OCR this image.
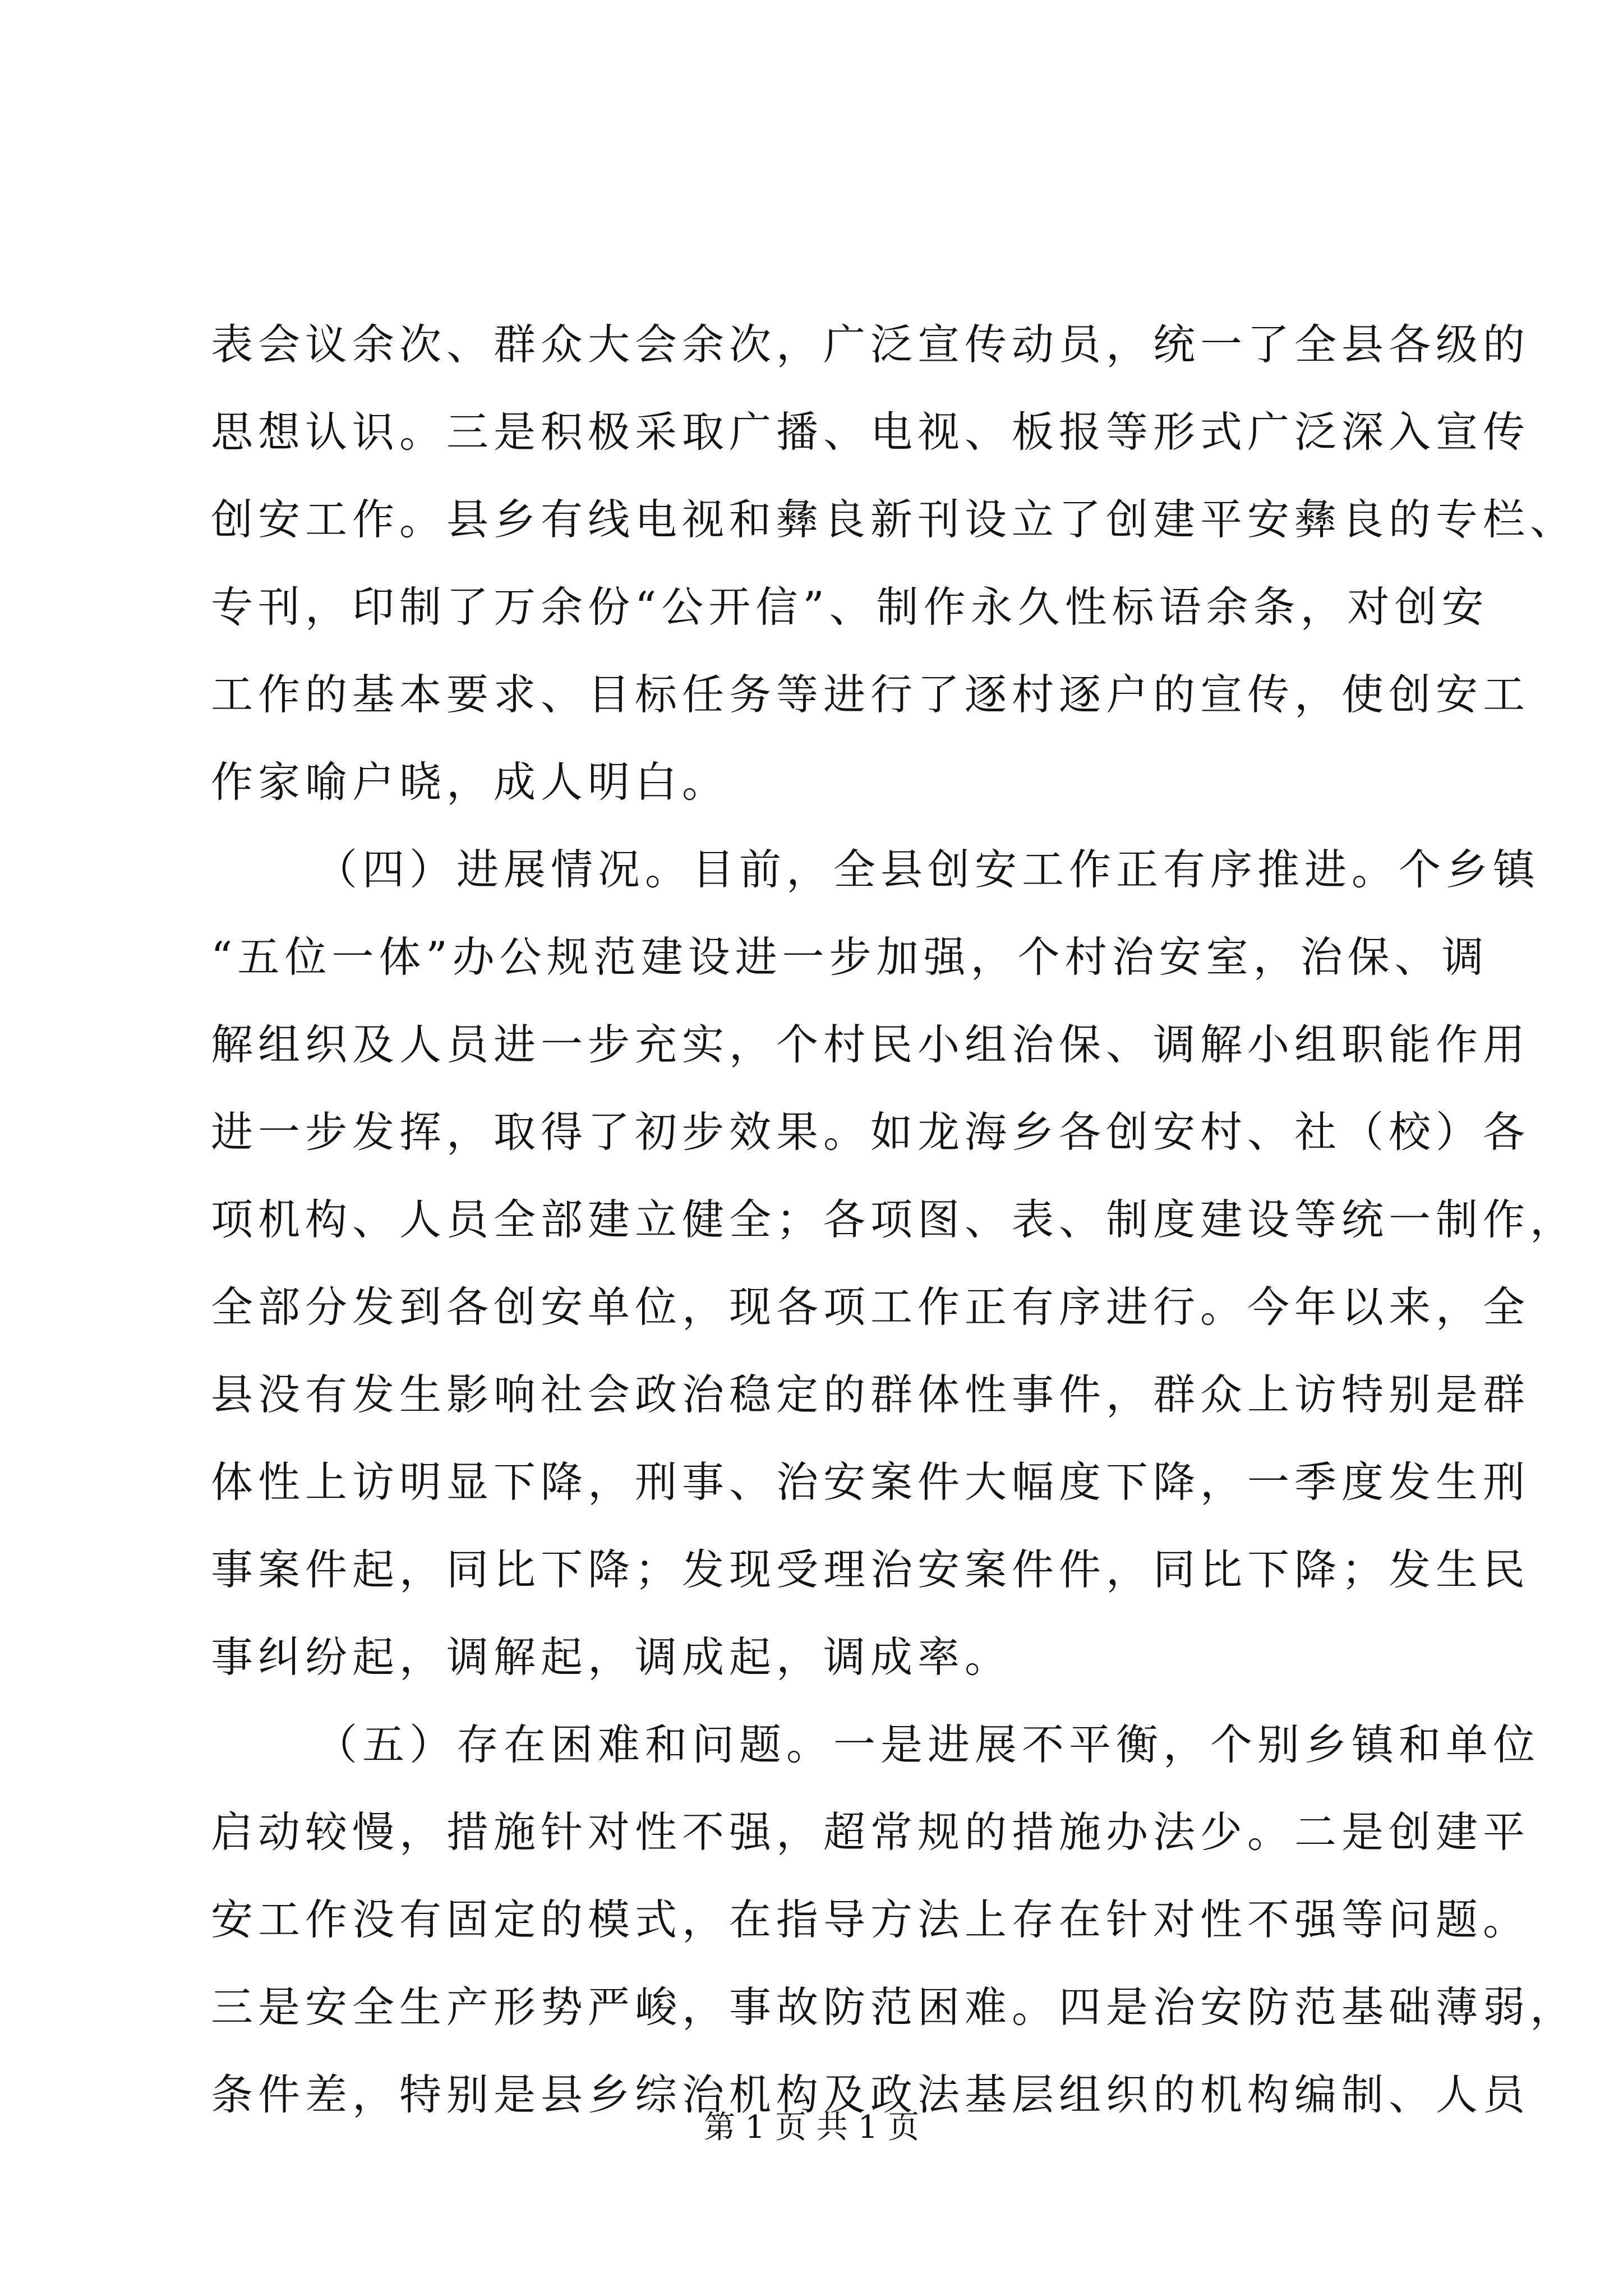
表会议余次、群众大会余次，广泛宣传动员，统一了全县各级的
思想认识。三是积极采取广播、电视、板报等形式广泛深入宣传
创安工作。县乡有线电视和彝良新刊设立了创建平安彝良的专栏、
专刊，印制了万余份“公开信”、制作永久性标语余条，对创安
工作的基本要求、目标任务等进行了逐村逐户的宣传，使创安工
作家喻户晓，成人明白。
（四）进展情况。目前，全县创安工作正有序推进。个乡镇
“五位一体”办公规范建设进一步加强，个村治安室，治保、调
解组织及人员进一步充实，个村民小组治保、调解小组职能作用
进一步发挥，取得了初步效果。如龙海乡各创安村、社（校）各
项机构、人员全部建立健全；各项图、表、制度建设等统一制作，
全部分发到各创安单位，现各项工作正有序进行。今年以来，全
县没有发生影响社会政治稳定的群体性事件，群众上访特别是群
体性上访明显下降，刑事、治安案件大幅度下降，一季度发生刑
事案件起，同比下降；发现受理治安案件件，同比下降；发生民
事纠纷起，调解起，调成起，调成率。
（五）存在困难和问题。一是进展不平衡，个别乡镇和单位
启动较慢，措施针对性不强，超常规的措施办法少。二是创建平
安工作没有固定的模式，在指导方法上存在针对性不强等问题。
三是安全生产形势严峻，事故防范困难。四是治安防范基础薄弱，
条件差，特别是县乡综治机构及政法基层组织的机构编制、人员
第 1 页 共 1 页
